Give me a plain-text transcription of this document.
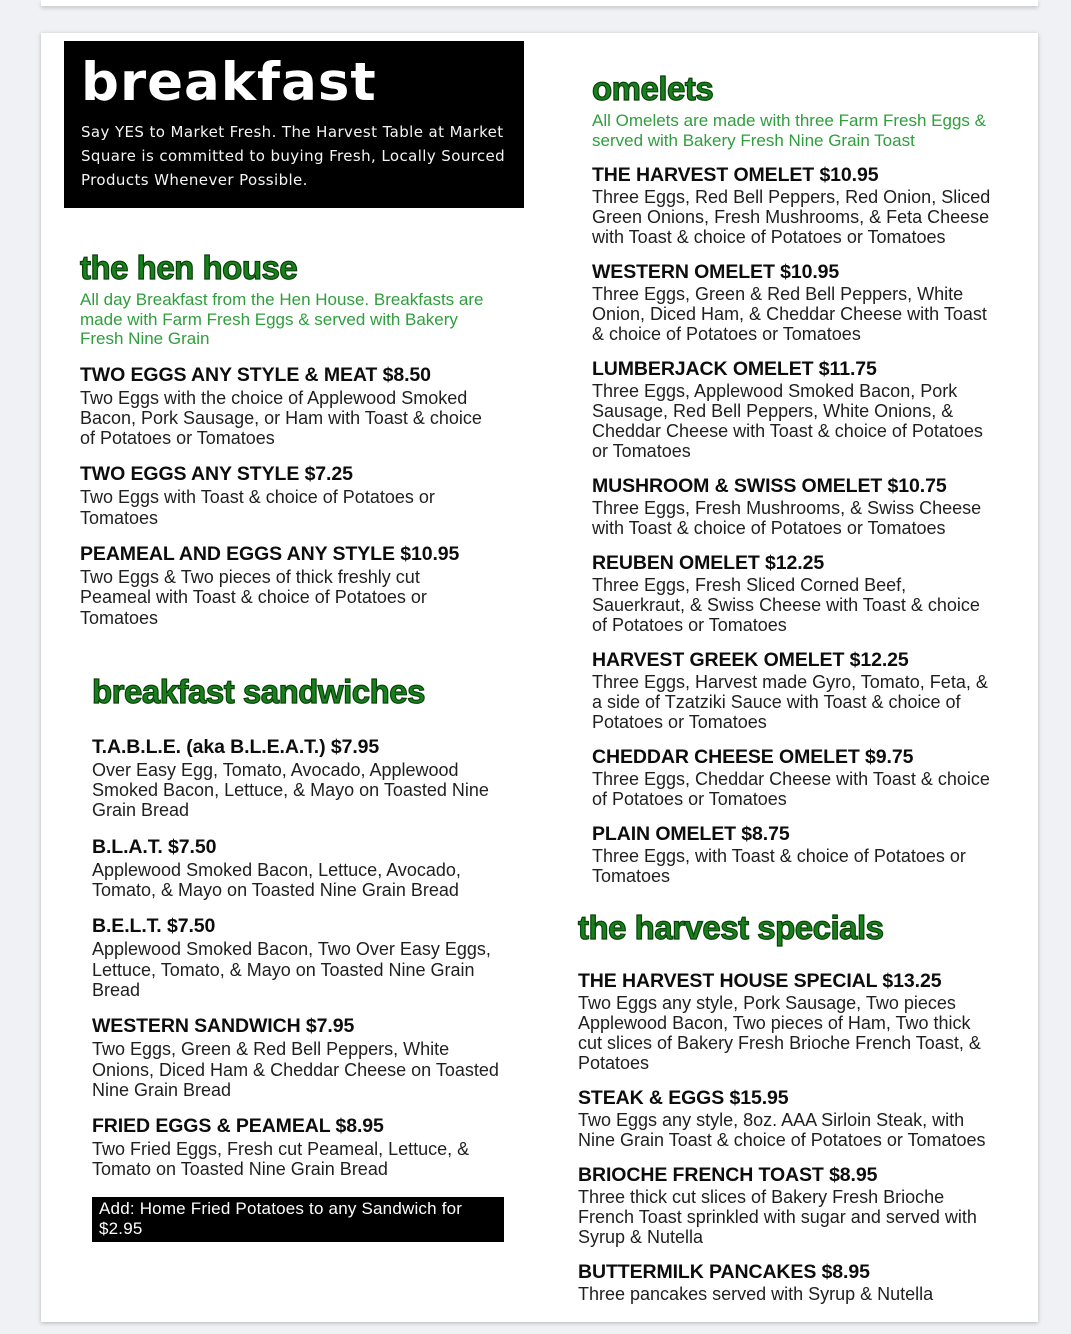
breakfast
Say YES to Market Fresh. The Harvest Table at Market Square is committed to buying Fresh, Locally Sourced Products Whenever Possible.
the hen house
All day Breakfast from the Hen House. Breakfasts are made with Farm Fresh Eggs & served with Bakery Fresh Nine Grain
TWO EGGS ANY STYLE & MEAT $8.50
Two Eggs with the choice of Applewood Smoked Bacon, Pork Sausage, or Ham with Toast & choice of Potatoes or Tomatoes
TWO EGGS ANY STYLE $7.25
Two Eggs with Toast & choice of Potatoes or Tomatoes
PEAMEAL AND EGGS ANY STYLE $10.95
Two Eggs & Two pieces of thick freshly cut Peameal with Toast & choice of Potatoes or Tomatoes
breakfast sandwiches
T.A.B.L.E. (aka B.L.E.A.T.) $7.95
Over Easy Egg, Tomato, Avocado, Applewood Smoked Bacon, Lettuce, & Mayo on Toasted Nine Grain Bread
B.L.A.T. $7.50
Applewood Smoked Bacon, Lettuce, Avocado, Tomato, & Mayo on Toasted Nine Grain Bread
B.E.L.T. $7.50
Applewood Smoked Bacon, Two Over Easy Eggs, Lettuce, Tomato, & Mayo on Toasted Nine Grain Bread
WESTERN SANDWICH $7.95
Two Eggs, Green & Red Bell Peppers, White Onions, Diced Ham & Cheddar Cheese on Toasted Nine Grain Bread
FRIED EGGS & PEAMEAL $8.95
Two Fried Eggs, Fresh cut Peameal, Lettuce, & Tomato on Toasted Nine Grain Bread
Add: Home Fried Potatoes to any Sandwich for $2.95
omelets
All Omelets are made with three Farm Fresh Eggs & served with Bakery Fresh Nine Grain Toast
THE HARVEST OMELET $10.95
Three Eggs, Red Bell Peppers, Red Onion, Sliced Green Onions, Fresh Mushrooms, & Feta Cheese with Toast & choice of Potatoes or Tomatoes
WESTERN OMELET $10.95
Three Eggs, Green & Red Bell Peppers, White Onion, Diced Ham, & Cheddar Cheese with Toast & choice of Potatoes or Tomatoes
LUMBERJACK OMELET $11.75
Three Eggs, Applewood Smoked Bacon, Pork Sausage, Red Bell Peppers, White Onions, & Cheddar Cheese with Toast & choice of Potatoes or Tomatoes
MUSHROOM & SWISS OMELET $10.75
Three Eggs, Fresh Mushrooms, & Swiss Cheese with Toast & choice of Potatoes or Tomatoes
REUBEN OMELET $12.25
Three Eggs, Fresh Sliced Corned Beef, Sauerkraut, & Swiss Cheese with Toast & choice of Potatoes or Tomatoes
HARVEST GREEK OMELET $12.25
Three Eggs, Harvest made Gyro, Tomato, Feta, & a side of Tzatziki Sauce with Toast & choice of Potatoes or Tomatoes
CHEDDAR CHEESE OMELET $9.75
Three Eggs, Cheddar Cheese with Toast & choice of Potatoes or Tomatoes
PLAIN OMELET $8.75
Three Eggs, with Toast & choice of Potatoes or Tomatoes
the harvest specials
THE HARVEST HOUSE SPECIAL $13.25
Two Eggs any style, Pork Sausage, Two pieces Applewood Bacon, Two pieces of Ham, Two thick cut slices of Bakery Fresh Brioche French Toast, & Potatoes
STEAK & EGGS $15.95
Two Eggs any style, 8oz. AAA Sirloin Steak, with Nine Grain Toast & choice of Potatoes or Tomatoes
BRIOCHE FRENCH TOAST $8.95
Three thick cut slices of Bakery Fresh Brioche French Toast sprinkled with sugar and served with Syrup & Nutella
BUTTERMILK PANCAKES $8.95
Three pancakes served with Syrup & Nutella
